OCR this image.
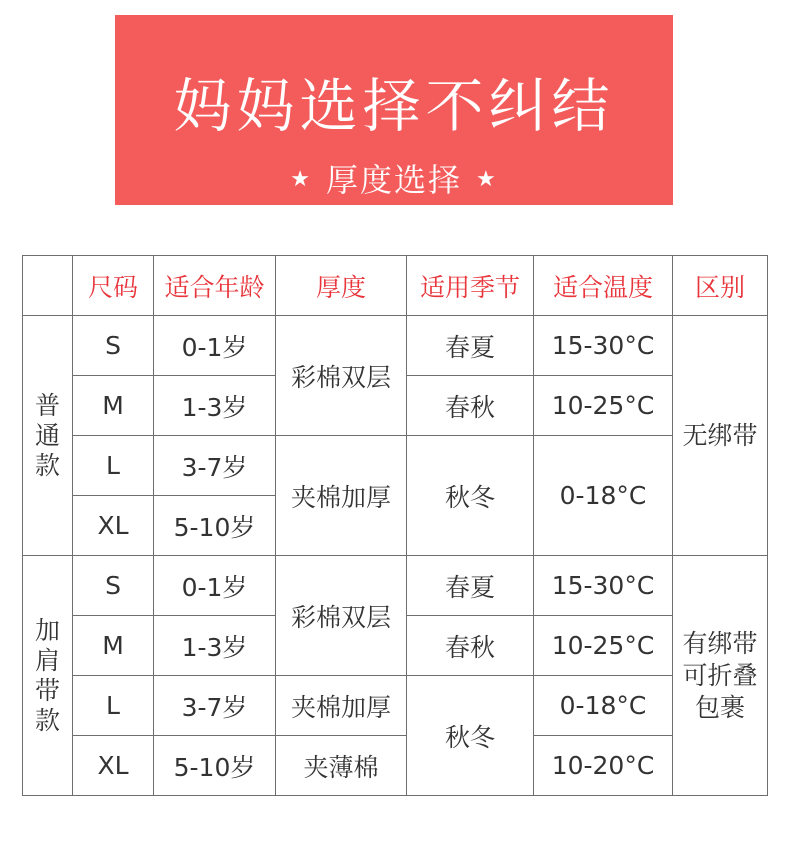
妈妈选择不纠结
★ 厚度选择 ★
	尺码	适合年龄	厚度	适用季节	适合温度	区别

普通款	S	0-1岁	彩棉双层	春夏	15-30°C	无绑带

	M	1-3岁		春秋	10-25°C	
	L	3-7岁	夹棉加厚	秋冬	0-18°C	
	XL	5-10岁				

加肩带款	S	0-1岁	彩棉双层	春夏	15-30°C	有绑带可折叠包裹

	M	1-3岁		春秋	10-25°C	
	L	3-7岁	夹棉加厚	秋冬	0-18°C	
	XL	5-10岁	夹薄棉		10-20°C	
